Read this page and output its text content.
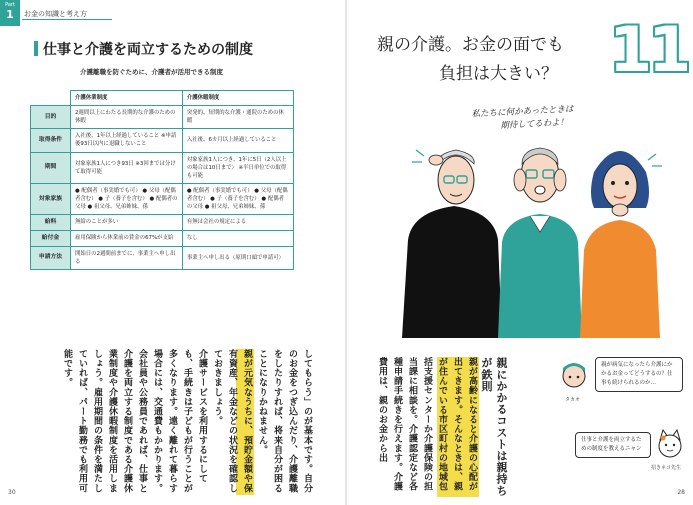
Part
1	お金の知識と考え方
仕事と介護を両立するための制度
介護離職を防ぐために、介護者が活用できる制度
	介護休業制度	介護休暇制度
目的	2週間以上にわたる長期的な介護のための休暇	突発的、短期的な介護・通院のための休暇
取得条件	入社後、1年以上経過していること ※申請後93日以内に退職しないこと	入社後、6カ月以上経過していること
期間	対象家族1人につき93日 ※3回までは分けて取得可能	対象家族1人につき、1年に5日（2人以上の場合は10日まで） ※半日単位での取得も可能
対象家族	● 配偶者（事実婚でも可） ● 父母（配偶者含む） ● 子（養子を含む） ● 配偶者の父母 ● 祖父母、兄弟姉妹、孫	● 配偶者（事実婚でも可） ● 父母（配偶者含む） ● 子（養子を含む） ● 配偶者の父母 ● 祖父母、兄弟姉妹、孫
給料	無給のことが多い	有無は会社の規定による
給付金	雇用保険から休業前の賃金の67%が支給	なし
申請方法	開始日の2週間前までに、事業主へ申し出る	事業主へ申し出る（原則口頭で申請可）

してもらう」のが基本です。自分のお金をつぎ込んだり、介護離職をしたりすれば、将来自分が困ることになりかねません。

親が元気なうちに、預貯金額や保有資産、年金などの状況を確認しておきましょう。

介護サービスを利用するにしても、手続きは子どもが行うことが多くなります。遠く離れて暮らす場合には、交通費もかかります。会社員や公務員であれば、仕事と介護を両立する制度である介護休業制度や介護休暇制度を活用しましょう。雇用期間の条件を満たしていれば、パート勤務でも利用可能です。

30
親の介護。お金の面でも
負担は大きい？ 11
私たちに何かあったときは
期待してるわよ！

親にかかるコストは親持ちが鉄則

親が高齢になると介護の心配が出てきます。そんなときは、親が住んでいる市区町村の地域包括支援センターか介護保険の担当課に相談を。介護認定など各種申請手続きを行えます。介護費用は、親のお金から出	タカオ
親が病気になったら介護にかかるお金ってどうするの？仕事も続けられるのか…
仕事と介護を両立するための制度を教えるニャン
招きネコ先生
28
